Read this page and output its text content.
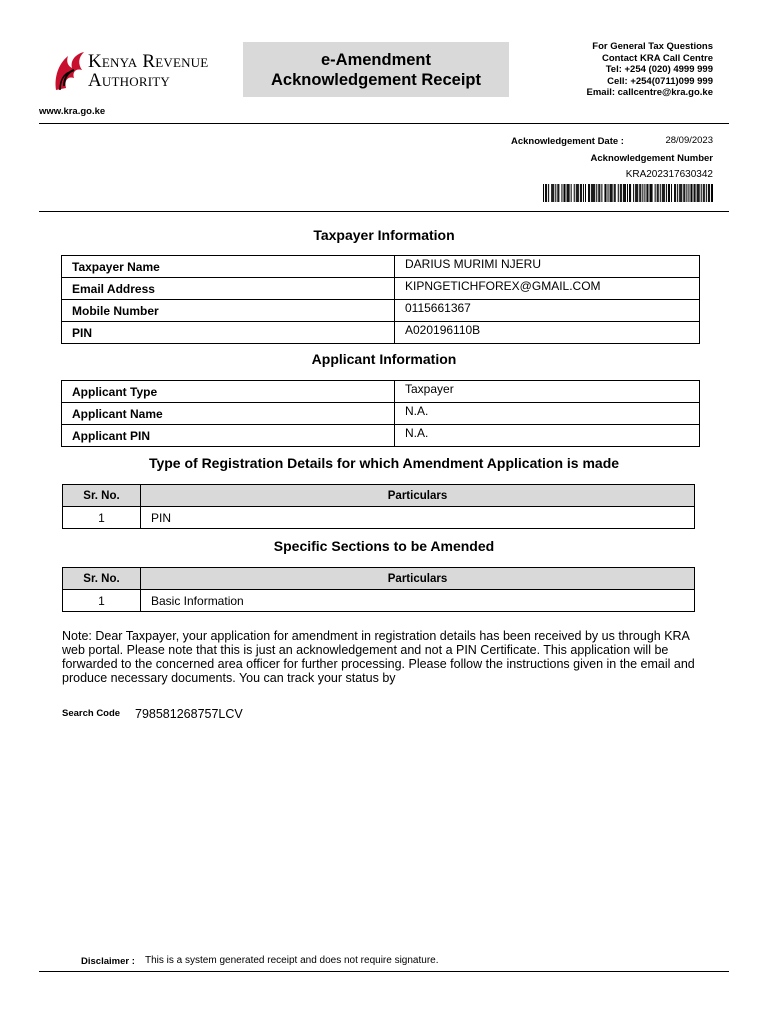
Kenya Revenue
Authority
e-Amendment
Acknowledgement Receipt
For General Tax Questions
Contact KRA Call Centre
Tel: +254 (020) 4999 999
Cell: +254(0711)099 999
Email: callcentre@kra.go.ke
www.kra.go.ke
Acknowledgement Date :	28/09/2023
Acknowledgement Number
KRA202317630342
Taxpayer Information
Taxpayer Name	DARIUS MURIMI NJERU
Email Address	KIPNGETICHFOREX@GMAIL.COM
Mobile Number	0115661367
PIN	A020196110B
Applicant Information
Applicant Type	Taxpayer
Applicant Name	N.A.
Applicant PIN	N.A.
Type of Registration Details for which Amendment Application is made
Sr. No.	Particulars
1	PIN
Specific Sections to be Amended
Sr. No.	Particulars
1	Basic Information
Note: Dear Taxpayer, your application for amendment in registration details has been received by us through KRA web portal. Please note that this is just an acknowledgement and not a PIN Certificate. This application will be forwarded to the concerned area officer for further processing. Please follow the instructions given in the email and produce necessary documents. You can track your status by
Search Code 798581268757LCV
Disclaimer : This is a system generated receipt and does not require signature.
